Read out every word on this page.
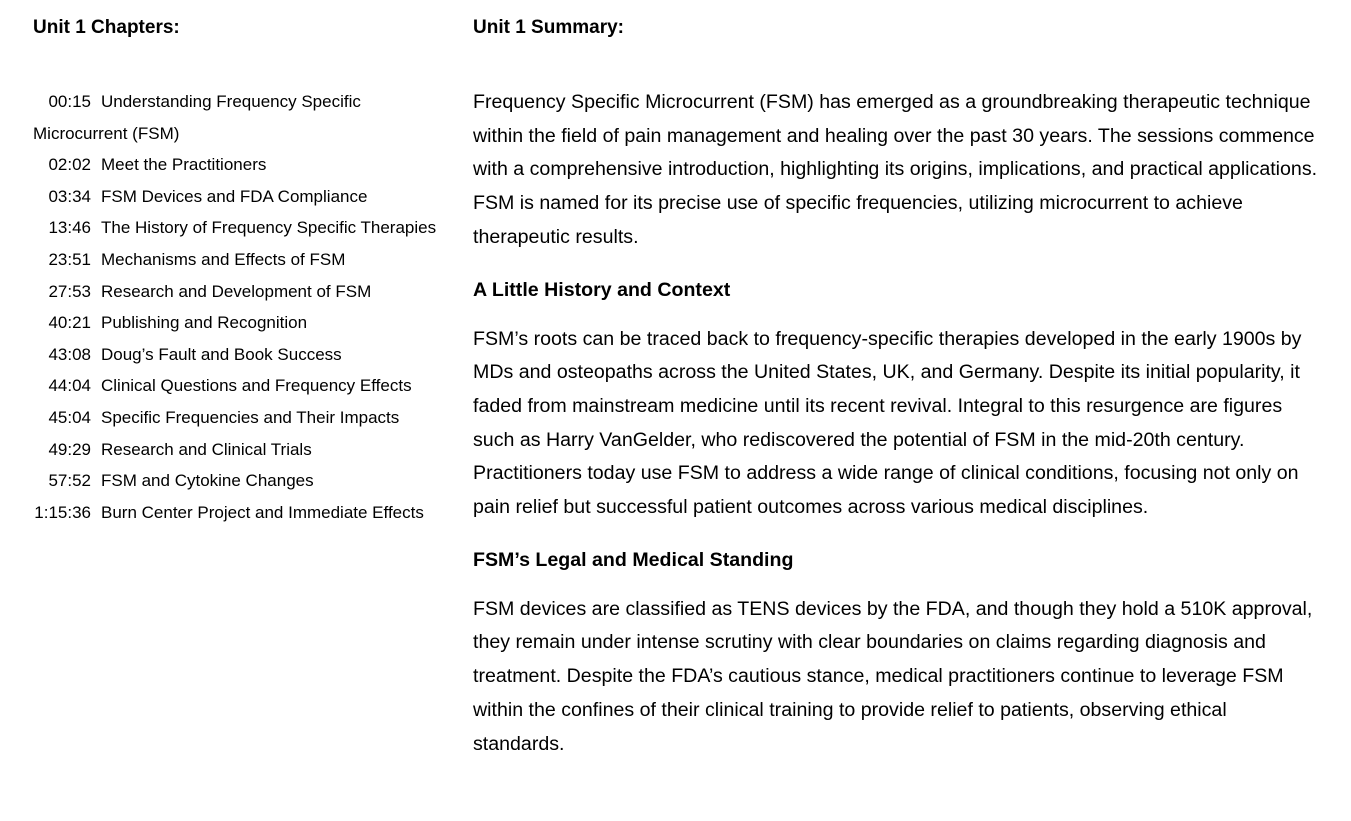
Unit 1 Chapters:
00:15 Understanding Frequency Specific Microcurrent (FSM)
02:02 Meet the Practitioners
03:34 FSM Devices and FDA Compliance
13:46 The History of Frequency Specific Therapies
23:51 Mechanisms and Effects of FSM
27:53 Research and Development of FSM
40:21 Publishing and Recognition
43:08 Doug’s Fault and Book Success
44:04 Clinical Questions and Frequency Effects
45:04 Specific Frequencies and Their Impacts
49:29 Research and Clinical Trials
57:52 FSM and Cytokine Changes
1:15:36 Burn Center Project and Immediate Effects
Unit 1 Summary:

Frequency Specific Microcurrent (FSM) has emerged as a groundbreaking therapeutic technique within the field of pain management and healing over the past 30 years. The sessions commence with a comprehensive introduction, highlighting its origins, implications, and practical applications. FSM is named for its precise use of specific frequencies, utilizing microcurrent to achieve therapeutic results.

A Little History and Context

FSM’s roots can be traced back to frequency-specific therapies developed in the early 1900s by MDs and osteopaths across the United States, UK, and Germany. Despite its initial popularity, it faded from mainstream medicine until its recent revival. Integral to this resurgence are figures such as Harry VanGelder, who rediscovered the potential of FSM in the mid-20th century. Practitioners today use FSM to address a wide range of clinical conditions, focusing not only on pain relief but successful patient outcomes across various medical disciplines.

FSM’s Legal and Medical Standing

FSM devices are classified as TENS devices by the FDA, and though they hold a 510K approval, they remain under intense scrutiny with clear boundaries on claims regarding diagnosis and treatment. Despite the FDA’s cautious stance, medical practitioners continue to leverage FSM within the confines of their clinical training to provide relief to patients, observing ethical standards.
